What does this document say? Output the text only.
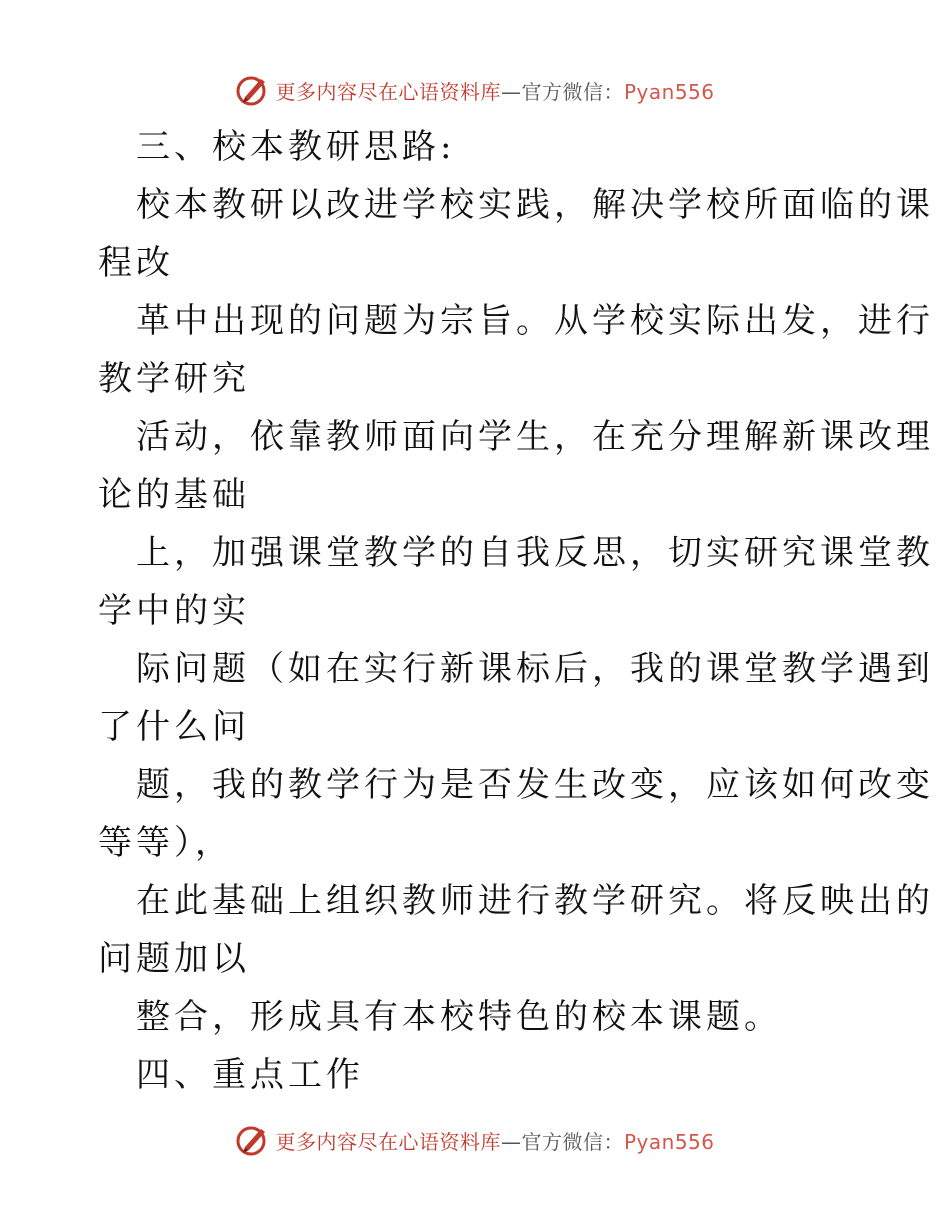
更多内容尽在心语资料库—官方微信：Pyan556
三、校本教研思路:
校本教研以改进学校实践，解决学校所面临的课
程改
革中出现的问题为宗旨。从学校实际出发，进行
教学研究
活动，依靠教师面向学生，在充分理解新课改理
论的基础
上，加强课堂教学的自我反思，切实研究课堂教
学中的实
际问题（如在实行新课标后，我的课堂教学遇到
了什么问
题，我的教学行为是否发生改变，应该如何改变
等等），
在此基础上组织教师进行教学研究。将反映出的
问题加以
整合，形成具有本校特色的校本课题。
四、重点工作
更多内容尽在心语资料库—官方微信：Pyan556
